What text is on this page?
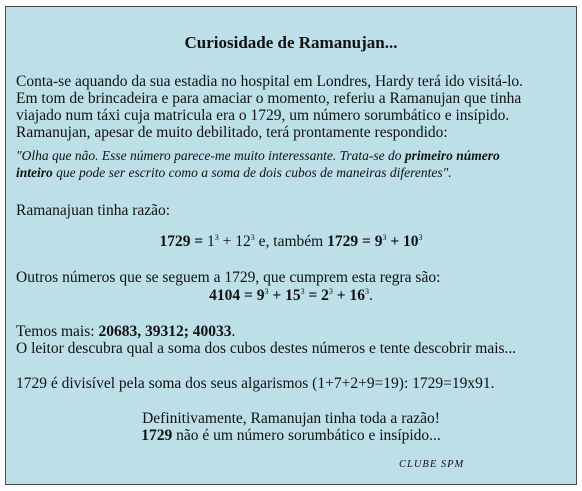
Curiosidade de Ramanujan...
Conta-se aquando da sua estadia no hospital em Londres, Hardy terá ido visitá-lo.
Em tom de brincadeira e para amaciar o momento, referiu a Ramanujan que tinha
viajado num táxi cuja matricula era o 1729, um número sorumbático e insípido.
Ramanujan, apesar de muito debilitado, terá prontamente respondido:
"Olha que não. Esse número parece-me muito interessante. Trata-se do primeiro número
inteiro que pode ser escrito como a soma de dois cubos de maneiras diferentes".
Ramanajuan tinha razão:
$1729 = 1^3 + 12^3$ e, também $1729 = 9^3 + 10^3$
Outros números que se seguem a 1729, que cumprem esta regra são:
$4104 = 9^3 + 15^3 = 2^3 + 16^3$.
Temos mais: 20683, 39312; 40033.
O leitor descubra qual a soma dos cubos destes números e tente descobrir mais...
1729 é divisível pela soma dos seus algarismos (1+7+2+9=19): 1729=19x91.
Definitivamente, Ramanujan tinha toda a razão!
1729 não é um número sorumbático e insípido...
CLUBE SPM
